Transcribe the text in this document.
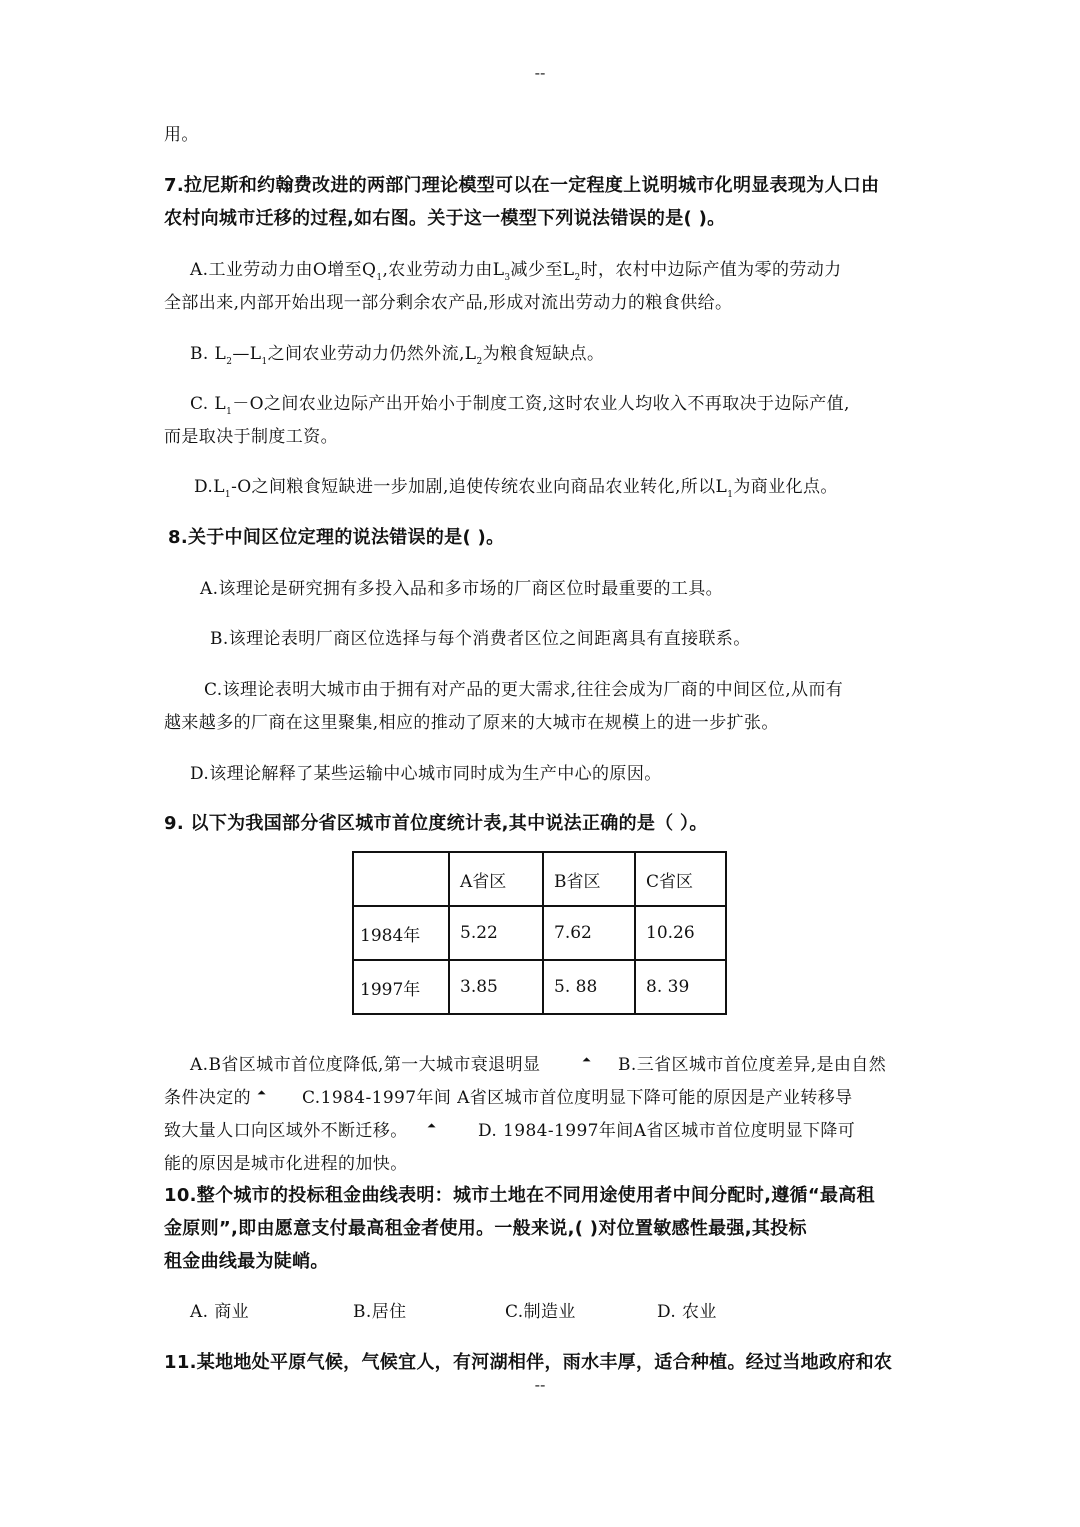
--
用。
7.拉尼斯和约翰费改进的两部门理论模型可以在一定程度上说明城市化明显表现为人口由
农村向城市迁移的过程,如右图。关于这一模型下列说法错误的是( )。
A.工业劳动力由O增至$Q_1$,农业劳动力由$L_3$减少至$L_2$时，农村中边际产值为零的劳动力
全部出来,内部开始出现一部分剩余农产品,形成对流出劳动力的粮食供给。
B. $L_2—L_1$之间农业劳动力仍然外流$,L_2$为粮食短缺点。
C. $L_1-O$之间农业边际产出开始小于制度工资,这时农业人均收入不再取决于边际产值,
而是取决于制度工资。
$D.L_1-O$之间粮食短缺进一步加剧,追使传统农业向商品农业转化,所以$L_1$为商业化点。
8.关于中间区位定理的说法错误的是( )。
A.该理论是研究拥有多投入品和多市场的厂商区位时最重要的工具。
B.该理论表明厂商区位选择与每个消费者区位之间距离具有直接联系。
C.该理论表明大城市由于拥有对产品的更大需求,往往会成为厂商的中间区位,从而有
越来越多的厂商在这里聚集,相应的推动了原来的大城市在规模上的进一步扩张。
D.该理论解释了某些运输中心城市同时成为生产中心的原因。
9. 以下为我国部分省区城市首位度统计表,其中说法正确的是（ ）。
	A省区	B省区	C省区
1984年	5.22	7.62	10.26
1997年	3.85	5. 88	8. 39
A.B省区城市首位度降低,第一大城市衰退明显	⏶ B.三省区城市首位度差异,是由自然
条件决定的 ⏶ C.1984-1997年间 A省区城市首位度明显下降可能的原因是产业转移导
致大量人口向区域外不断迁移。 ⏶ D. 1984-1997年间A省区城市首位度明显下降可
能的原因是城市化进程的加快。
10.整个城市的投标租金曲线表明：城市土地在不同用途使用者中间分配时,遵循“最高租
金原则”,即由愿意支付最高租金者使用。一般来说,( )对位置敏感性最强,其投标
租金曲线最为陡峭。
A. 商业	B.居住	C.制造业	D. 农业
11.某地地处平原气候，气候宜人，有河湖相伴，雨水丰厚，适合种植。经过当地政府和农
--
